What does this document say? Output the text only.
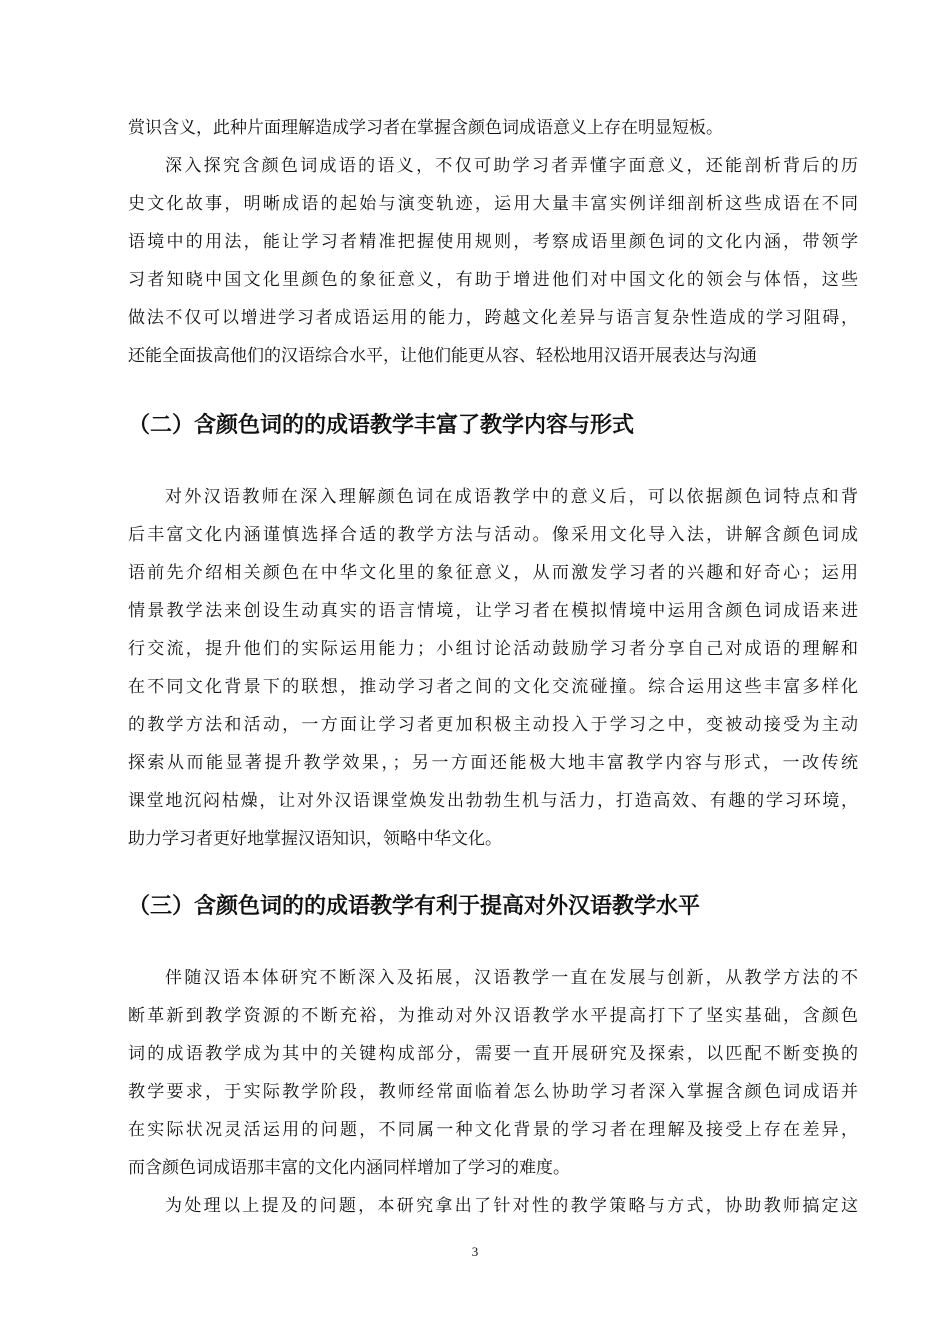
赏识含义，此种片面理解造成学习者在掌握含颜色词成语意义上存在明显短板。
深入探究含颜色词成语的语义，不仅可助学习者弄懂字面意义，还能剖析背后的历
史文化故事，明晰成语的起始与演变轨迹，运用大量丰富实例详细剖析这些成语在不同
语境中的用法，能让学习者精准把握使用规则，考察成语里颜色词的文化内涵，带领学
习者知晓中国文化里颜色的象征意义，有助于增进他们对中国文化的领会与体悟，这些
做法不仅可以增进学习者成语运用的能力，跨越文化差异与语言复杂性造成的学习阻碍，
还能全面拔高他们的汉语综合水平，让他们能更从容、轻松地用汉语开展表达与沟通
（二）含颜色词的的成语教学丰富了教学内容与形式
对外汉语教师在深入理解颜色词在成语教学中的意义后，可以依据颜色词特点和背
后丰富文化内涵谨慎选择合适的教学方法与活动。像采用文化导入法，讲解含颜色词成
语前先介绍相关颜色在中华文化里的象征意义，从而激发学习者的兴趣和好奇心；运用
情景教学法来创设生动真实的语言情境，让学习者在模拟情境中运用含颜色词成语来进
行交流，提升他们的实际运用能力；小组讨论活动鼓励学习者分享自己对成语的理解和
在不同文化背景下的联想，推动学习者之间的文化交流碰撞。综合运用这些丰富多样化
的教学方法和活动，一方面让学习者更加积极主动投入于学习之中，变被动接受为主动
探索从而能显著提升教学效果，；另一方面还能极大地丰富教学内容与形式，一改传统
课堂地沉闷枯燥，让对外汉语课堂焕发出勃勃生机与活力，打造高效、有趣的学习环境，
助力学习者更好地掌握汉语知识，领略中华文化。
（三）含颜色词的的成语教学有利于提高对外汉语教学水平
伴随汉语本体研究不断深入及拓展，汉语教学一直在发展与创新，从教学方法的不
断革新到教学资源的不断充裕，为推动对外汉语教学水平提高打下了坚实基础，含颜色
词的成语教学成为其中的关键构成部分，需要一直开展研究及探索，以匹配不断变换的
教学要求，于实际教学阶段，教师经常面临着怎么协助学习者深入掌握含颜色词成语并
在实际状况灵活运用的问题，不同属一种文化背景的学习者在理解及接受上存在差异，
而含颜色词成语那丰富的文化内涵同样增加了学习的难度。
为处理以上提及的问题，本研究拿出了针对性的教学策略与方式，协助教师搞定这
3
